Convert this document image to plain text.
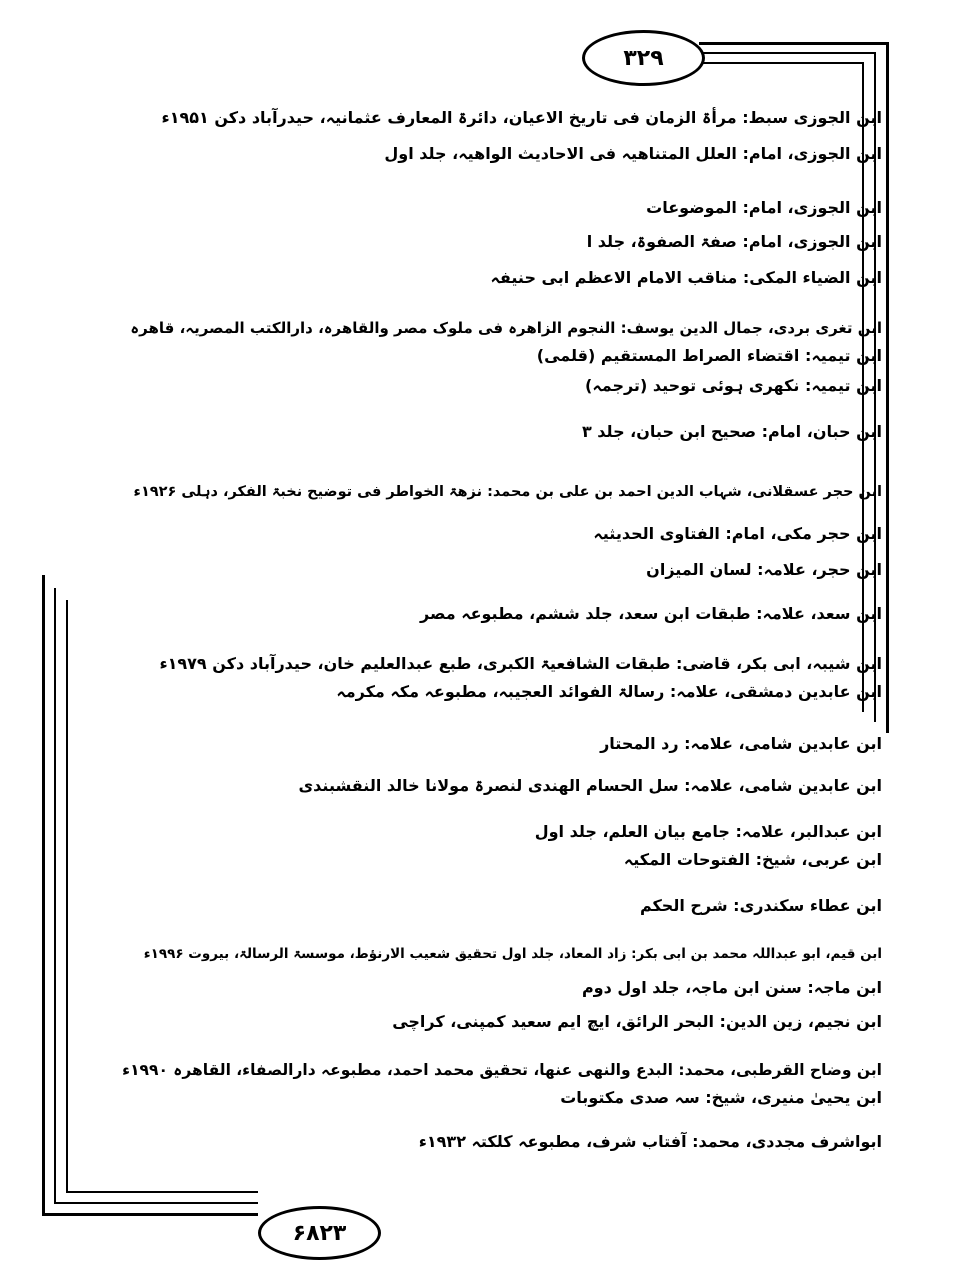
۳۲۹
۶۸۲۳
ابن الجوزی سبط: مرأۃ الزمان فی تاریخ الاعیان، دائرۃ المعارف عثمانیہ، حیدرآباد دکن ۱۹۵۱ء
ابن الجوزی، امام: العلل المتناهیہ فی الاحادیث الواهیہ، جلد اول
ابن الجوزی، امام: الموضوعات
ابن الجوزی، امام: صفۃ الصفوۃ، جلد ا
ابن الضیاء المکی: مناقب الامام الاعظم ابی حنیفہ
ابن تغری بردی، جمال الدین یوسف: النجوم الزاهرہ فی ملوک مصر والقاهرہ، دارالکتب المصریہ، قاهرہ
ابن تیمیہ: اقتضاء الصراط المستقیم (قلمی)
ابن تیمیہ: نکھری ہوئی توحید (ترجمہ)
ابن حبان، امام: صحیح ابن حبان، جلد ۳
ابن حجر عسقلانی، شہاب الدین احمد بن علی بن محمد: نزهۃ الخواطر فی توضیح نخبۃ الفکر، دہلی ۱۹۲۶ء
ابن حجر مکی، امام: الفتاوی الحدیثیہ
ابن حجر، علامہ: لسان المیزان
ابن سعد، علامہ: طبقات ابن سعد، جلد ششم، مطبوعہ مصر
ابن شیبہ، ابی بکر، قاضی: طبقات الشافعیۃ الکبری، طبع عبدالعلیم خان، حیدرآباد دکن ۱۹۷۹ء
ابن عابدین دمشقی، علامہ: رسالۃ الفوائد العجیبہ، مطبوعہ مکہ مکرمہ
ابن عابدین شامی، علامہ: رد المحتار
ابن عابدین شامی، علامہ: سل الحسام الهندی لنصرۃ مولانا خالد النقشبندی
ابن عبدالبر، علامہ: جامع بیان العلم، جلد اول
ابن عربی، شیخ: الفتوحات المکیہ
ابن عطاء سکندری: شرح الحکم
ابن قیم، ابو عبداللہ محمد بن ابی بکر: زاد المعاد، جلد اول تحقیق شعیب الارنؤط، موسسۃ الرسالۃ، بیروت ۱۹۹۶ء
ابن ماجہ: سنن ابن ماجہ، جلد اول دوم
ابن نجیم، زین الدین: البحر الرائق، ایچ ایم سعید کمپنی، کراچی
ابن وضاح القرطبی، محمد: البدع والنهی عنها، تحقیق محمد احمد، مطبوعہ دارالصفاء، القاهرہ ۱۹۹۰ء
ابن یحییٰ منیری، شیخ: سہ صدی مکتوبات
ابواشرف مجددی، محمد: آفتاب شرف، مطبوعہ کلکتہ ۱۹۳۲ء
